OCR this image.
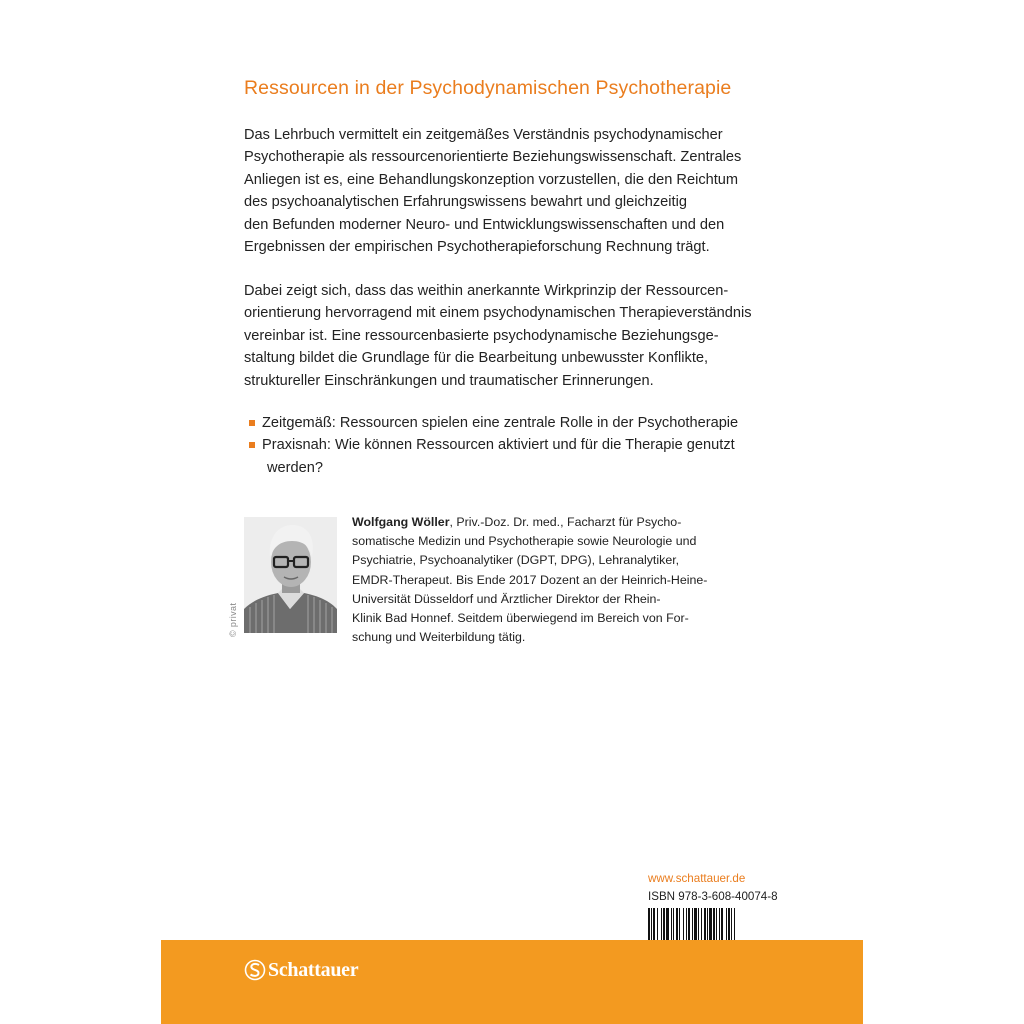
Ressourcen in der Psychodynamischen Psychotherapie
Das Lehrbuch vermittelt ein zeitgemäßes Verständnis psychodynamischer
Psychotherapie als ressourcenorientierte Beziehungswissenschaft. Zentrales
Anliegen ist es, eine Behandlungskonzeption vorzustellen, die den Reichtum
des psychoanalytischen Erfahrungswissens bewahrt und gleichzeitig
den Befunden moderner Neuro- und Entwicklungswissenschaften und den
Ergebnissen der empirischen Psychotherapieforschung Rechnung trägt.
Dabei zeigt sich, dass das weithin anerkannte Wirkprinzip der Ressourcen-
orientierung hervorragend mit einem psychodynamischen Therapieverständnis
vereinbar ist. Eine ressourcenbasierte psychodynamische Beziehungsge-
staltung bildet die Grundlage für die Bearbeitung unbewusster Konflikte,
struktureller Einschränkungen und traumatischer Erinnerungen.
Zeitgemäß: Ressourcen spielen eine zentrale Rolle in der Psychotherapie
Praxisnah: Wie können Ressourcen aktiviert und für die Therapie genutzt
werden?
© privat
Wolfgang Wöller, Priv.-Doz. Dr. med., Facharzt für Psycho-
somatische Medizin und Psychotherapie sowie Neurologie und
Psychiatrie, Psychoanalytiker (DGPT, DPG), Lehranalytiker,
EMDR-Therapeut. Bis Ende 2017 Dozent an der Heinrich-Heine-
Universität Düsseldorf und Ärztlicher Direktor der Rhein-
Klinik Bad Honnef. Seitdem überwiegend im Bereich von For-
schung und Weiterbildung tätig.
www.schattauer.de
ISBN 978-3-608-40074-8
Schattauer
